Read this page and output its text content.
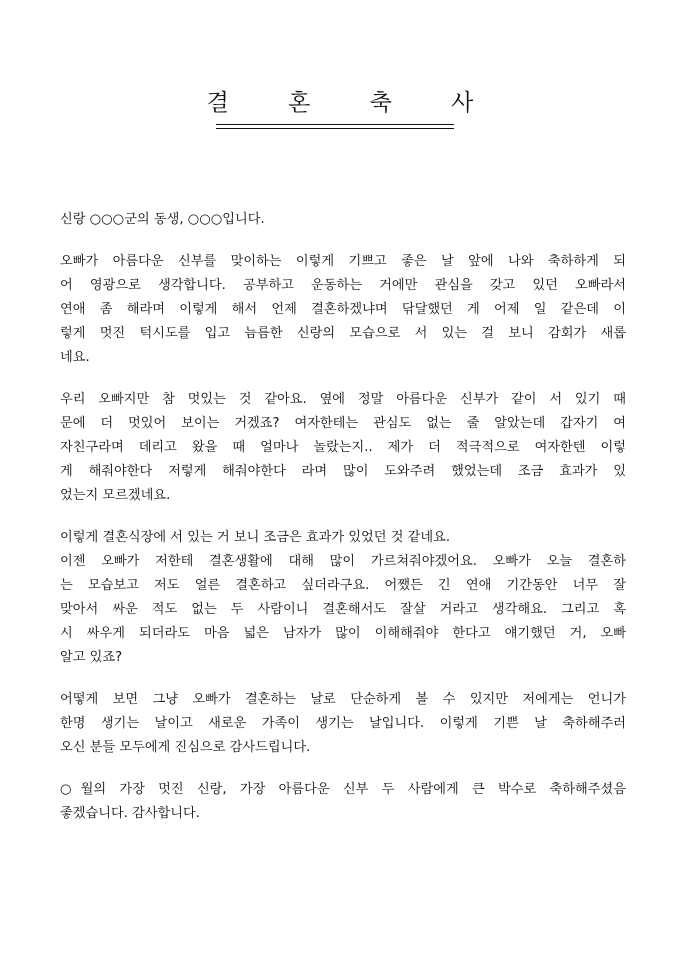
결 혼 축 사
신랑 ○○○군의 동생, ○○○입니다.
오빠가 아름다운 신부를 맞이하는 이렇게 기쁘고 좋은 날 앞에 나와 축하하게 되
어 영광으로 생각합니다. 공부하고 운동하는 거에만 관심을 갖고 있던 오빠라서
연애 좀 해라며 이렇게 해서 언제 결혼하겠냐며 닦달했던 게 어제 일 같은데 이
렇게 멋진 턱시도를 입고 늠름한 신랑의 모습으로 서 있는 걸 보니 감회가 새롭
네요.
우리 오빠지만 참 멋있는 것 같아요. 옆에 정말 아름다운 신부가 같이 서 있기 때
문에 더 멋있어 보이는 거겠죠? 여자한테는 관심도 없는 줄 알았는데 갑자기 여
자친구라며 데리고 왔을 때 얼마나 놀랐는지.. 제가 더 적극적으로 여자한텐 이렇
게 해줘야한다 저렇게 해줘야한다 라며 많이 도와주려 했었는데 조금 효과가 있
었는지 모르겠네요.
이렇게 결혼식장에 서 있는 거 보니 조금은 효과가 있었던 것 같네요.
이젠 오빠가 저한테 결혼생활에 대해 많이 가르쳐줘야겠어요. 오빠가 오늘 결혼하
는 모습보고 저도 얼른 결혼하고 싶더라구요. 어쨌든 긴 연애 기간동안 너무 잘
맞아서 싸운 적도 없는 두 사람이니 결혼해서도 잘살 거라고 생각해요. 그리고 혹
시 싸우게 되더라도 마음 넓은 남자가 많이 이해해줘야 한다고 얘기했던 거, 오빠
알고 있죠?
어떻게 보면 그냥 오빠가 결혼하는 날로 단순하게 볼 수 있지만 저에게는 언니가
한명 생기는 날이고 새로운 가족이 생기는 날입니다. 이렇게 기쁜 날 축하해주러
오신 분들 모두에게 진심으로 감사드립니다.
○월의 가장 멋진 신랑, 가장 아름다운 신부 두 사람에게 큰 박수로 축하해주셨음
좋겠습니다. 감사합니다.
